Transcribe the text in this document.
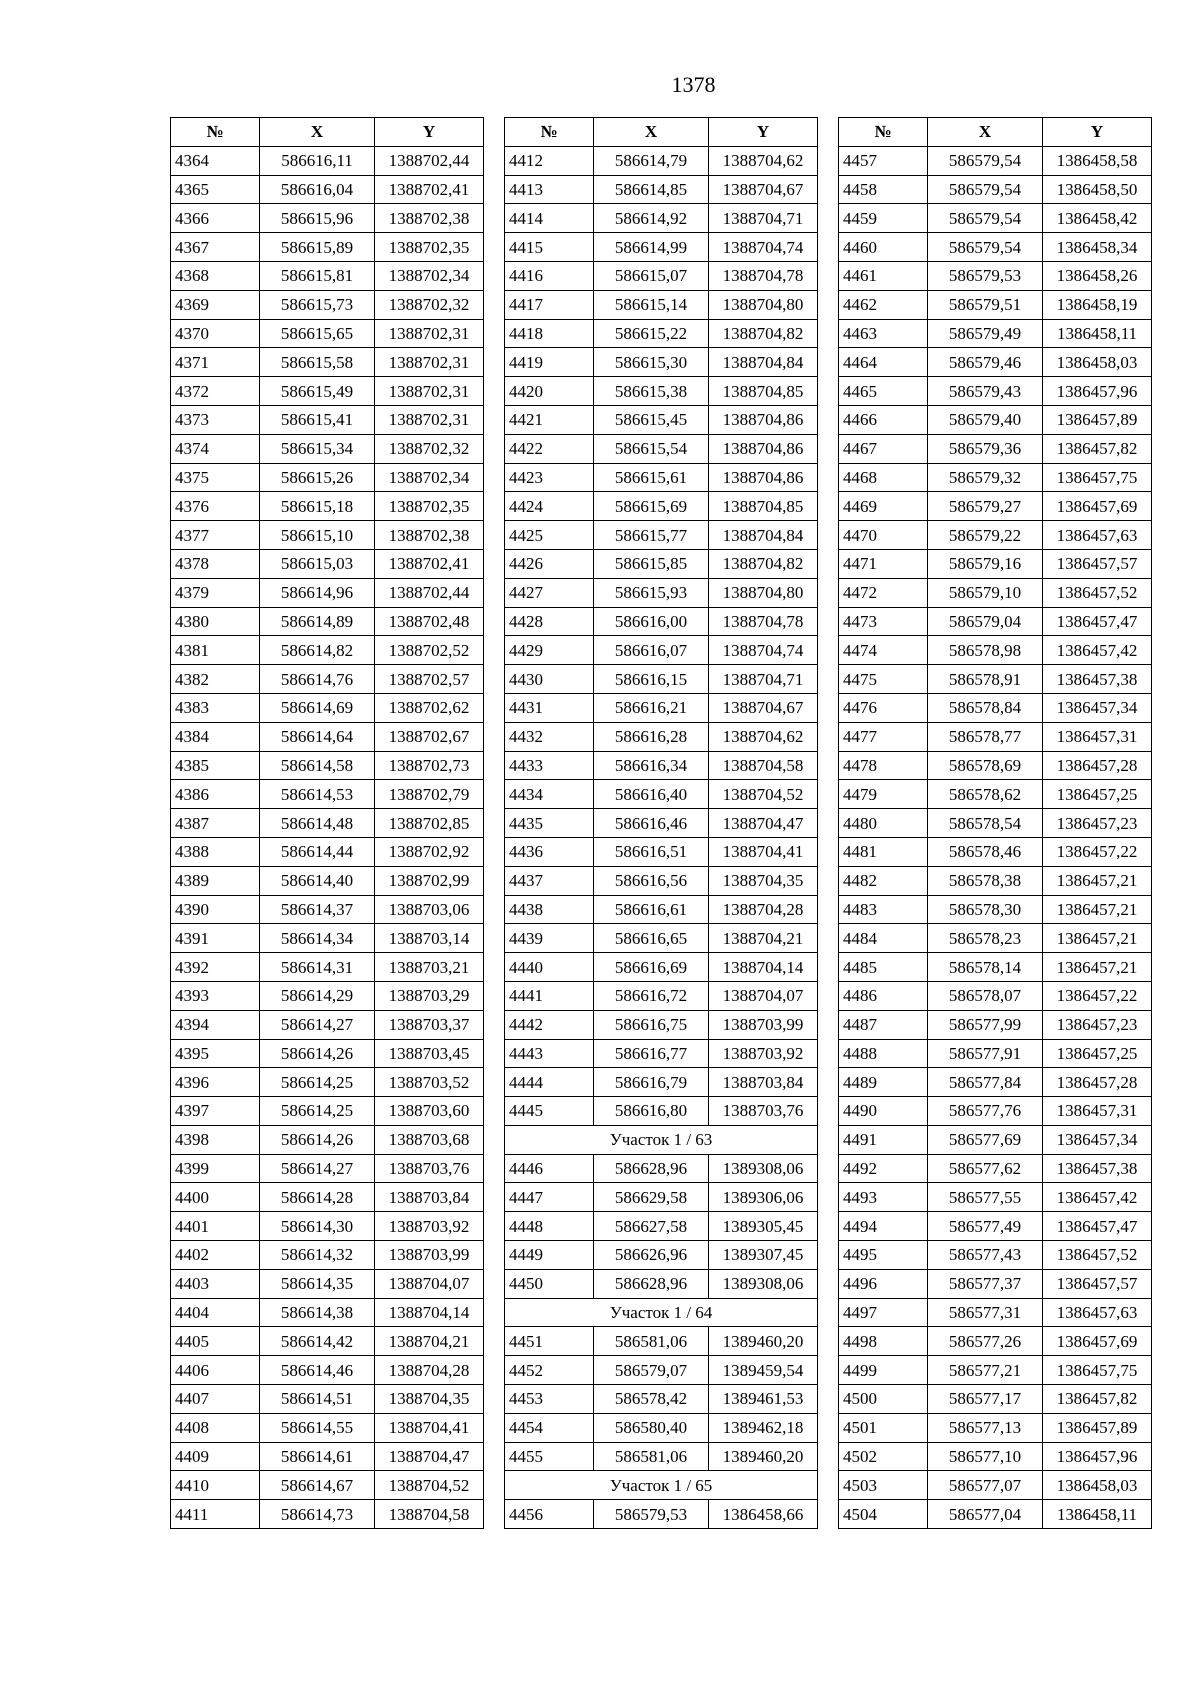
1378
№	X	Y
4364	586616,11	1388702,44
4365	586616,04	1388702,41
4366	586615,96	1388702,38
4367	586615,89	1388702,35
4368	586615,81	1388702,34
4369	586615,73	1388702,32
4370	586615,65	1388702,31
4371	586615,58	1388702,31
4372	586615,49	1388702,31
4373	586615,41	1388702,31
4374	586615,34	1388702,32
4375	586615,26	1388702,34
4376	586615,18	1388702,35
4377	586615,10	1388702,38
4378	586615,03	1388702,41
4379	586614,96	1388702,44
4380	586614,89	1388702,48
4381	586614,82	1388702,52
4382	586614,76	1388702,57
4383	586614,69	1388702,62
4384	586614,64	1388702,67
4385	586614,58	1388702,73
4386	586614,53	1388702,79
4387	586614,48	1388702,85
4388	586614,44	1388702,92
4389	586614,40	1388702,99
4390	586614,37	1388703,06
4391	586614,34	1388703,14
4392	586614,31	1388703,21
4393	586614,29	1388703,29
4394	586614,27	1388703,37
4395	586614,26	1388703,45
4396	586614,25	1388703,52
4397	586614,25	1388703,60
4398	586614,26	1388703,68
4399	586614,27	1388703,76
4400	586614,28	1388703,84
4401	586614,30	1388703,92
4402	586614,32	1388703,99
4403	586614,35	1388704,07
4404	586614,38	1388704,14
4405	586614,42	1388704,21
4406	586614,46	1388704,28
4407	586614,51	1388704,35
4408	586614,55	1388704,41
4409	586614,61	1388704,47
4410	586614,67	1388704,52
4411	586614,73	1388704,58
№	X	Y
4412	586614,79	1388704,62
4413	586614,85	1388704,67
4414	586614,92	1388704,71
4415	586614,99	1388704,74
4416	586615,07	1388704,78
4417	586615,14	1388704,80
4418	586615,22	1388704,82
4419	586615,30	1388704,84
4420	586615,38	1388704,85
4421	586615,45	1388704,86
4422	586615,54	1388704,86
4423	586615,61	1388704,86
4424	586615,69	1388704,85
4425	586615,77	1388704,84
4426	586615,85	1388704,82
4427	586615,93	1388704,80
4428	586616,00	1388704,78
4429	586616,07	1388704,74
4430	586616,15	1388704,71
4431	586616,21	1388704,67
4432	586616,28	1388704,62
4433	586616,34	1388704,58
4434	586616,40	1388704,52
4435	586616,46	1388704,47
4436	586616,51	1388704,41
4437	586616,56	1388704,35
4438	586616,61	1388704,28
4439	586616,65	1388704,21
4440	586616,69	1388704,14
4441	586616,72	1388704,07
4442	586616,75	1388703,99
4443	586616,77	1388703,92
4444	586616,79	1388703,84
4445	586616,80	1388703,76
Участок 1 / 63		
4446	586628,96	1389308,06
4447	586629,58	1389306,06
4448	586627,58	1389305,45
4449	586626,96	1389307,45
4450	586628,96	1389308,06
Участок 1 / 64		
4451	586581,06	1389460,20
4452	586579,07	1389459,54
4453	586578,42	1389461,53
4454	586580,40	1389462,18
4455	586581,06	1389460,20
Участок 1 / 65		
4456	586579,53	1386458,66
№	X	Y
4457	586579,54	1386458,58
4458	586579,54	1386458,50
4459	586579,54	1386458,42
4460	586579,54	1386458,34
4461	586579,53	1386458,26
4462	586579,51	1386458,19
4463	586579,49	1386458,11
4464	586579,46	1386458,03
4465	586579,43	1386457,96
4466	586579,40	1386457,89
4467	586579,36	1386457,82
4468	586579,32	1386457,75
4469	586579,27	1386457,69
4470	586579,22	1386457,63
4471	586579,16	1386457,57
4472	586579,10	1386457,52
4473	586579,04	1386457,47
4474	586578,98	1386457,42
4475	586578,91	1386457,38
4476	586578,84	1386457,34
4477	586578,77	1386457,31
4478	586578,69	1386457,28
4479	586578,62	1386457,25
4480	586578,54	1386457,23
4481	586578,46	1386457,22
4482	586578,38	1386457,21
4483	586578,30	1386457,21
4484	586578,23	1386457,21
4485	586578,14	1386457,21
4486	586578,07	1386457,22
4487	586577,99	1386457,23
4488	586577,91	1386457,25
4489	586577,84	1386457,28
4490	586577,76	1386457,31
4491	586577,69	1386457,34
4492	586577,62	1386457,38
4493	586577,55	1386457,42
4494	586577,49	1386457,47
4495	586577,43	1386457,52
4496	586577,37	1386457,57
4497	586577,31	1386457,63
4498	586577,26	1386457,69
4499	586577,21	1386457,75
4500	586577,17	1386457,82
4501	586577,13	1386457,89
4502	586577,10	1386457,96
4503	586577,07	1386458,03
4504	586577,04	1386458,11
